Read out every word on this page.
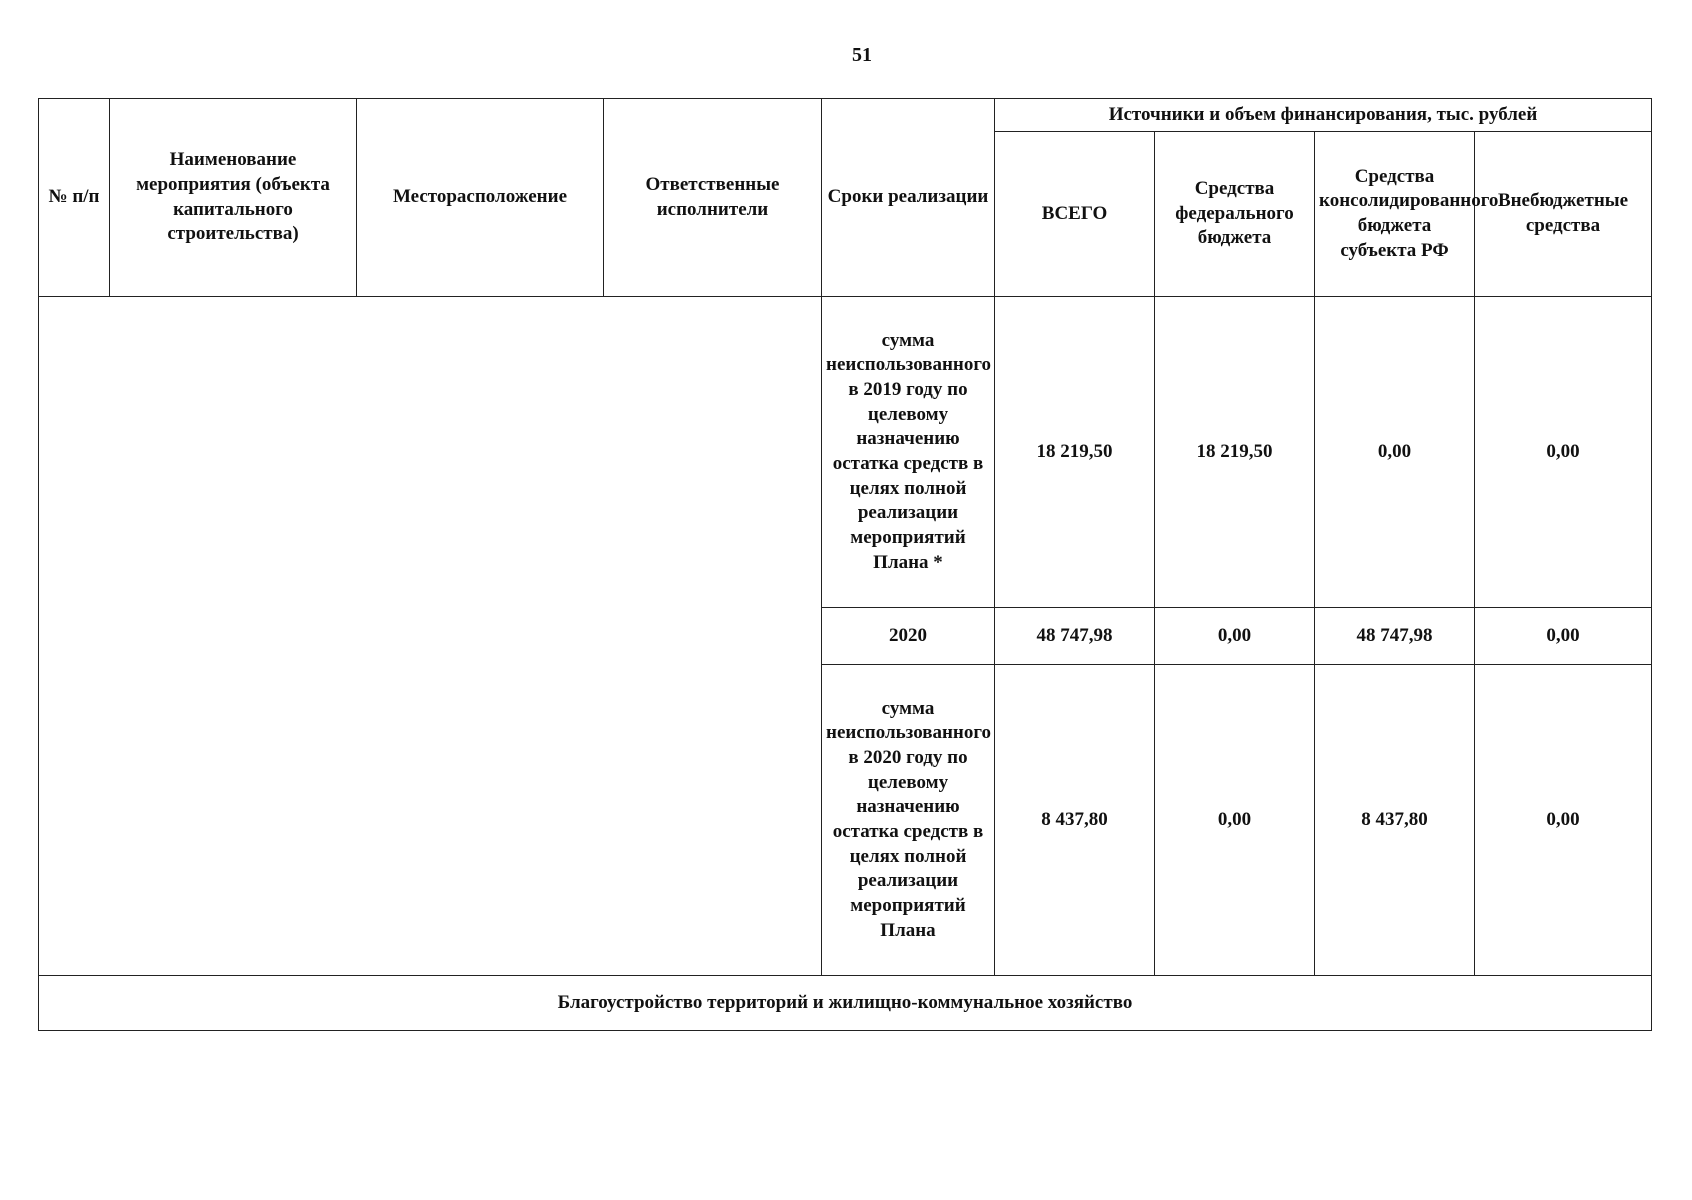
51
№ п/п	Наименование мероприятия (объекта капитального строительства)	Месторасположение	Ответственные исполнители	Сроки реализации	Источники и объем финансирования, тыс. рублей			
					ВСЕГО	Средства федерального бюджета	Средства консолидированного бюджета субъекта РФ	Внебюджетные средства
				сумма неиспользованного в 2019 году по целевому назначению остатка средств в целях полной реализации мероприятий Плана *	18 219,50	18 219,50	0,00	0,00
				2020	48 747,98	0,00	48 747,98	0,00
				сумма неиспользованного в 2020 году по целевому назначению остатка средств в целях полной реализации мероприятий Плана	8 437,80	0,00	8 437,80	0,00
Благоустройство территорий и жилищно-коммунальное хозяйство								
